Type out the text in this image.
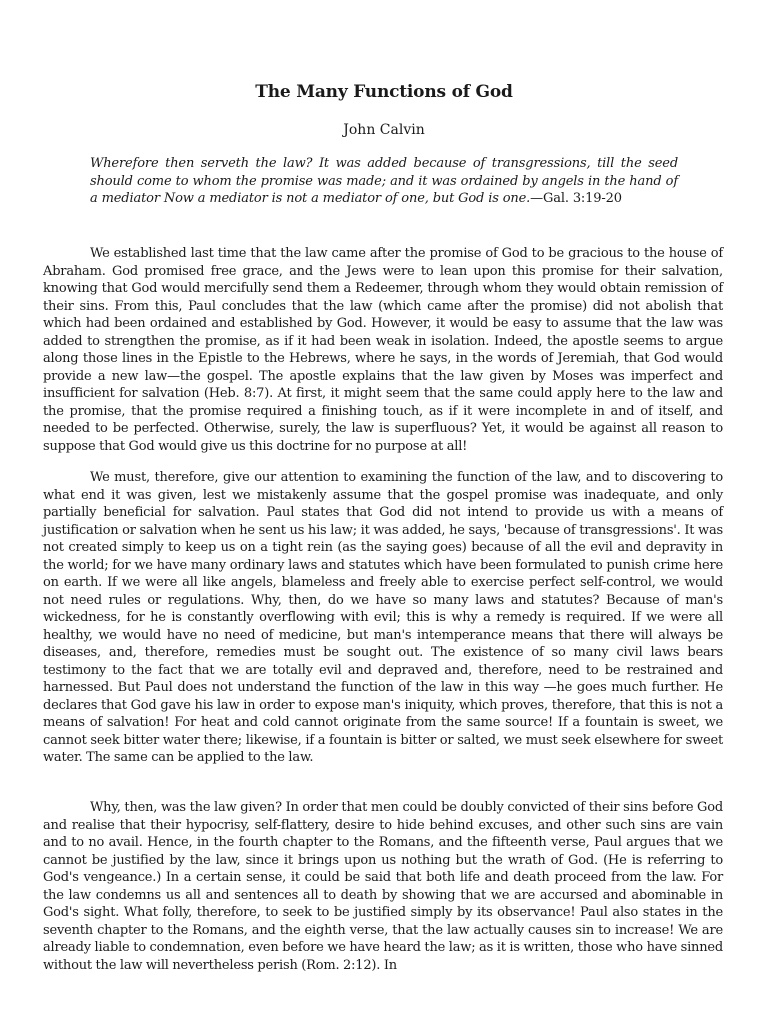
The Many Functions of God
John Calvin

Wherefore then serveth the law? It was added because of transgressions, till the seed should come to whom the promise was made; and it was ordained by angels in the hand of a mediator Now a mediator is not a mediator of one, but God is one.—Gal. 3:19-20

We established last time that the law came after the promise of God to be gracious to the house of Abraham. God promised free grace, and the Jews were to lean upon this promise for their salvation, knowing that God would mercifully send them a Redeemer, through whom they would obtain remission of their sins. From this, Paul concludes that the law (which came after the promise) did not abolish that which had been ordained and established by God. However, it would be easy to assume that the law was added to strengthen the promise, as if it had been weak in isolation. Indeed, the apostle seems to argue along those lines in the Epistle to the Hebrews, where he says, in the words of Jeremiah, that God would provide a new law—the gospel. The apostle explains that the law given by Moses was imperfect and insufficient for salvation (Heb. 8:7). At first, it might seem that the same could apply here to the law and the promise, that the promise required a finishing touch, as if it were incomplete in and of itself, and needed to be perfected. Otherwise, surely, the law is superfluous? Yet, it would be against all reason to suppose that God would give us this doctrine for no purpose at all!

We must, therefore, give our attention to examining the function of the law, and to discovering to what end it was given, lest we mistakenly assume that the gospel promise was inadequate, and only partially beneficial for salvation. Paul states that God did not intend to provide us with a means of justification or salvation when he sent us his law; it was added, he says, 'because of transgressions'. It was not created simply to keep us on a tight rein (as the saying goes) because of all the evil and depravity in the world; for we have many ordinary laws and statutes which have been formulated to punish crime here on earth. If we were all like angels, blameless and freely able to exercise perfect self-control, we would not need rules or regulations. Why, then, do we have so many laws and statutes? Because of man's wickedness, for he is constantly overflowing with evil; this is why a remedy is required. If we were all healthy, we would have no need of medicine, but man's intemperance means that there will always be diseases, and, therefore, remedies must be sought out. The existence of so many civil laws bears testimony to the fact that we are totally evil and depraved and, therefore, need to be restrained and harnessed. But Paul does not understand the function of the law in this way —he goes much further. He declares that God gave his law in order to expose man's iniquity, which proves, therefore, that this is not a means of salvation! For heat and cold cannot originate from the same source! If a fountain is sweet, we cannot seek bitter water there; likewise, if a fountain is bitter or salted, we must seek elsewhere for sweet water. The same can be applied to the law.

Why, then, was the law given? In order that men could be doubly convicted of their sins before God and realise that their hypocrisy, self-flattery, desire to hide behind excuses, and other such sins are vain and to no avail. Hence, in the fourth chapter to the Romans, and the fifteenth verse, Paul argues that we cannot be justified by the law, since it brings upon us nothing but the wrath of God. (He is referring to God's vengeance.) In a certain sense, it could be said that both life and death proceed from the law. For the law condemns us all and sentences all to death by showing that we are accursed and abominable in God's sight. What folly, therefore, to seek to be justified simply by its observance! Paul also states in the seventh chapter to the Romans, and the eighth verse, that the law actually causes sin to increase! We are already liable to condemnation, even before we have heard the law; as it is written, those who have sinned without the law will nevertheless perish (Rom. 2:12). In
